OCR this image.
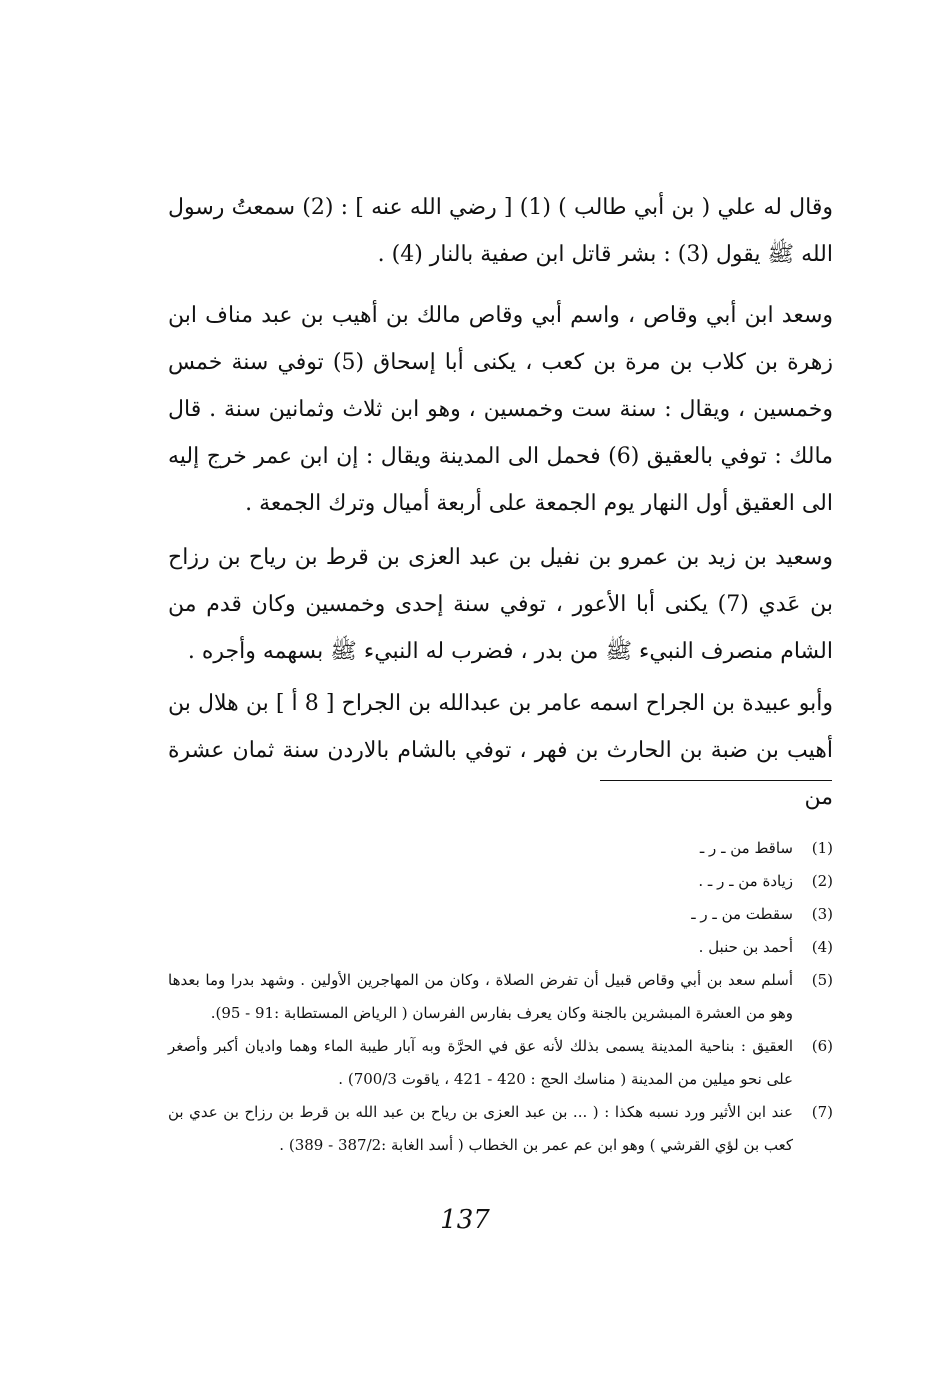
وقال له علي ( بن أبي طالب ) (1) [ رضي الله عنه ] : (2) سمعتُ رسول الله ﷺ يقول (3) : بشر قاتل ابن صفية بالنار (4) .

وسعد ابن أبي وقاص ، واسم أبي وقاص مالك بن أهيب بن عبد مناف ابن زهرة بن كلاب بن مرة بن كعب ، يكنى أبا إسحاق (5) توفي سنة خمس وخمسين ، ويقال : سنة ست وخمسين ، وهو ابن ثلاث وثمانين سنة . قال مالك : توفي بالعقيق (6) فحمل الى المدينة ويقال : إن ابن عمر خرج إليه الى العقيق أول النهار يوم الجمعة على أربعة أميال وترك الجمعة .

وسعيد بن زيد بن عمرو بن نفيل بن عبد العزى بن قرط بن رياح بن رزاح بن عَدي (7) يكنى أبا الأعور ، توفي سنة إحدى وخمسين وكان قدم من الشام منصرف النبيء ﷺ من بدر ، فضرب له النبيء ﷺ بسهمه وأجره .

وأبو عبيدة بن الجراح اسمه عامر بن عبدالله بن الجراح [ 8 أ ] بن هلال بن أهيب بن ضبة بن الحارث بن فهر ، توفي بالشام بالاردن سنة ثمان عشرة من

(1)
ساقط من ـ ر ـ
(2)
زيادة من ـ ر ـ .
(3)
سقطت من ـ ر ـ
(4)
أحمد بن حنبل .
(5)
أسلم سعد بن أبي وقاص قبيل أن تفرض الصلاة ، وكان من المهاجرين الأولين . وشهد بدرا وما بعدها وهو من العشرة المبشرين بالجنة وكان يعرف بفارس الفرسان ( الرياض المستطابة :91 - 95).
(6)
العقيق : بناحية المدينة يسمى بذلك لأنه عق في الحرَّة وبه آبار طيبة الماء وهما واديان أكبر وأصغر على نحو ميلين من المدينة ( مناسك الحج : 420 - 421 ، ياقوت 700/3) .
(7)
عند ابن الأثير ورد نسبه هكذا : ( ... بن عبد العزى بن رياح بن عبد الله بن قرط بن رزاح بن عدي بن كعب بن لؤي القرشي ) وهو ابن عم عمر بن الخطاب ( أسد الغابة :387/2 - 389) .
137
